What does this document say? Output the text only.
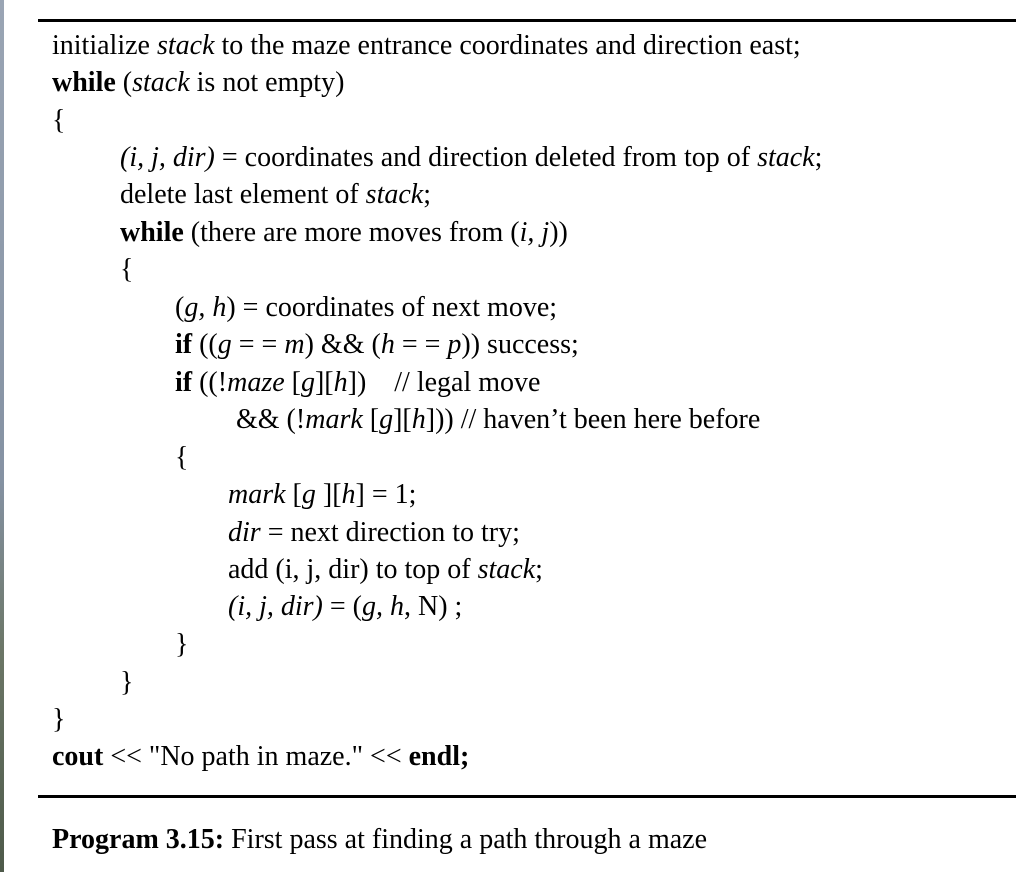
initialize stack to the maze entrance coordinates and direction east;
while (stack is not empty)
{
(i, j, dir) = coordinates and direction deleted from top of stack;
delete last element of stack;
while (there are more moves from (i, j))
{
(g, h) = coordinates of next move;
if ((g = = m) && (h = = p)) success;
if ((!maze [g][h])    // legal move
&& (!mark [g][h])) // haven’t been here before
{
mark [g ][h] = 1;
dir = next direction to try;
add (i, j, dir) to top of stack;
(i, j, dir) = (g, h, N) ;
}
}
}
cout << "No path in maze." << endl;
Program 3.15: First pass at finding a path through a maze
